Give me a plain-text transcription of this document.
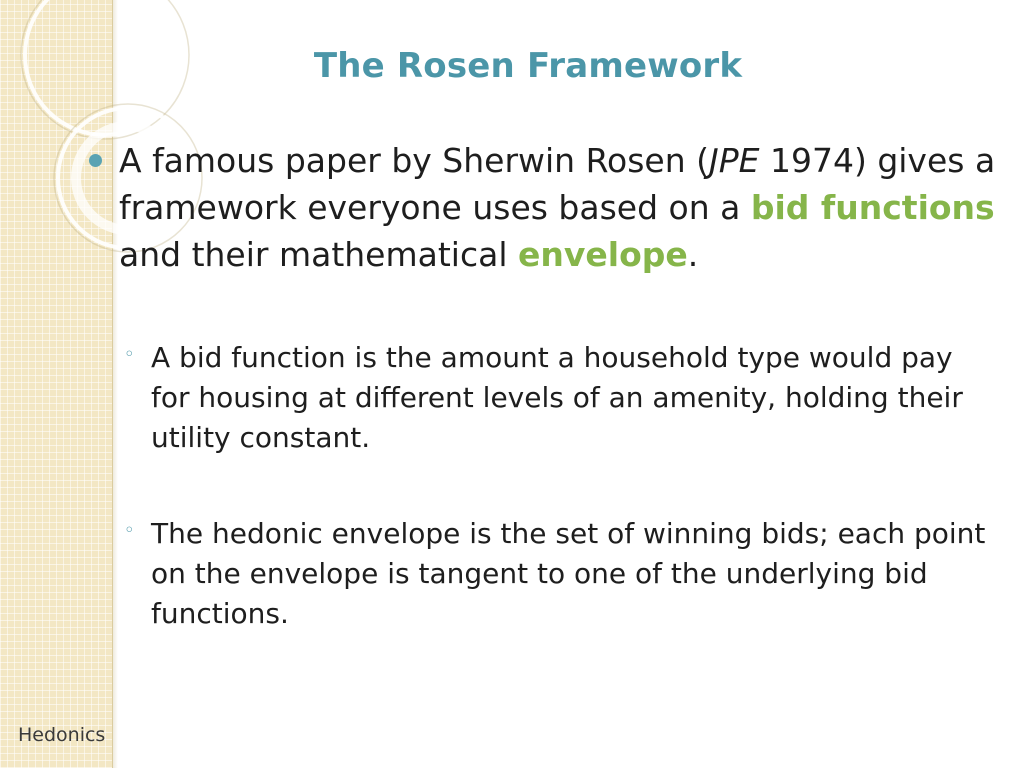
The Rosen Framework
A famous paper by Sherwin Rosen (JPE 1974) gives a framework everyone uses based on a bid functions and their mathematical envelope.
◦ A bid function is the amount a household type would pay for housing at different levels of an amenity, holding their utility constant.
◦ The hedonic envelope is the set of winning bids; each point on the envelope is tangent to one of the underlying bid functions.
Hedonics
